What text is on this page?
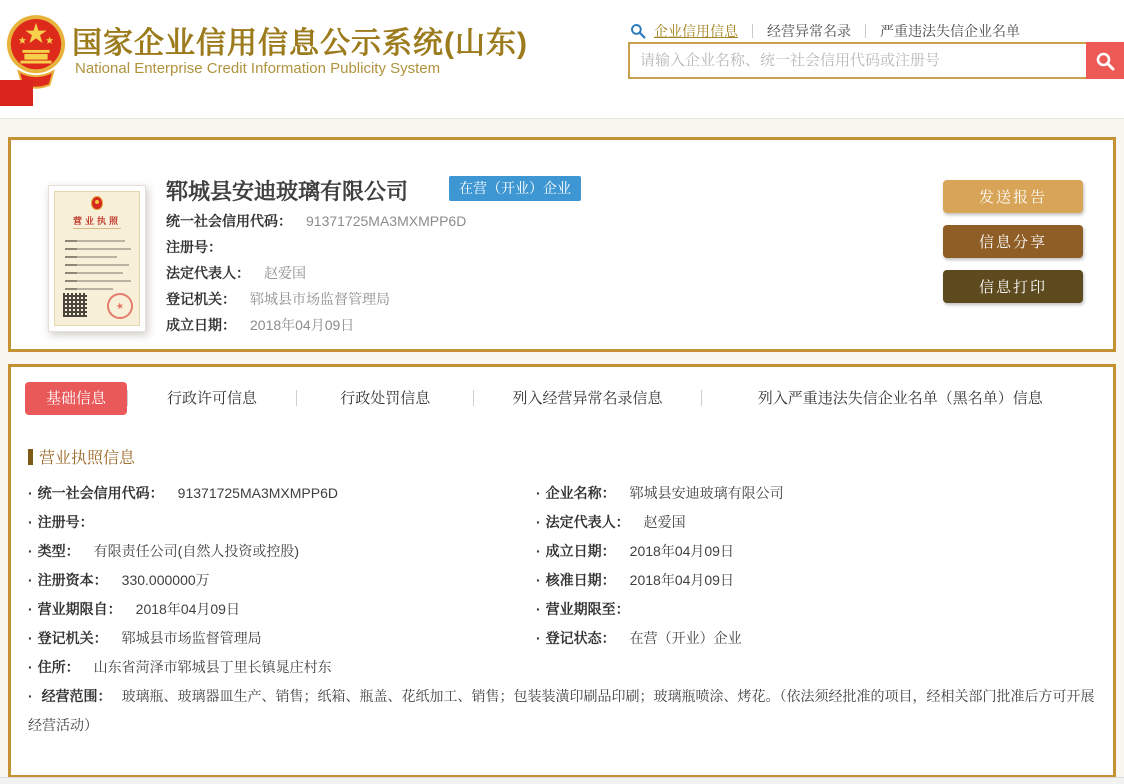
国家企业信用信息公示系统(山东)
National Enterprise Credit Information Publicity System
企业信用信息 经营异常名录 严重违法失信企业名单
请输入企业名称、统一社会信用代码或注册号
营业执照
★
郓城县安迪玻璃有限公司	在营（开业）企业
统一社会信用代码： 91371725MA3MXMPP6D
注册号：
法定代表人： 赵爱国
登记机关： 郓城县市场监督管理局
成立日期： 2018年04月09日
发送报告
信息分享
信息打印
基础信息	行政许可信息	行政处罚信息	列入经营异常名录信息	列入严重违法失信企业名单（黑名单）信息
营业执照信息
· 统一社会信用代码： 91371725MA3MXMPP6D
· 注册号：
· 类型： 有限责任公司(自然人投资或控股)
· 注册资本： 330.000000万
· 营业期限自： 2018年04月09日
· 登记机关： 郓城县市场监督管理局
· 住所： 山东省菏泽市郓城县丁里长镇晁庄村东
· 企业名称： 郓城县安迪玻璃有限公司
· 法定代表人： 赵爱国
· 成立日期： 2018年04月09日
· 核准日期： 2018年04月09日
· 营业期限至：
· 登记状态： 在营（开业）企业
· 经营范围： 玻璃瓶、玻璃器皿生产、销售；纸箱、瓶盖、花纸加工、销售；包装装潢印刷品印刷；玻璃瓶喷涂、烤花。（依法须经批准的项目，经相关部门批准后方可开展经营活动）
